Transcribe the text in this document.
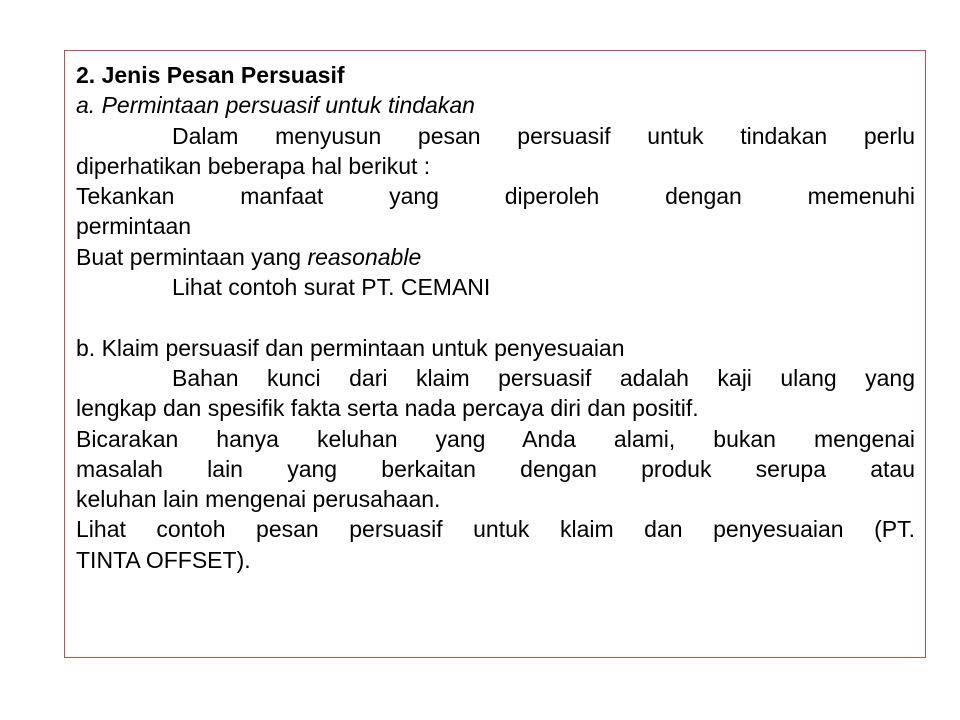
2. Jenis Pesan Persuasif
a. Permintaan persuasif untuk tindakan
Dalam menyusun pesan persuasif untuk tindakan perlu
diperhatikan beberapa hal berikut :
Tekankan manfaat yang diperoleh dengan memenuhi
permintaan
Buat permintaan yang reasonable
Lihat contoh surat PT. CEMANI
b. Klaim persuasif dan permintaan untuk penyesuaian
Bahan kunci dari klaim persuasif adalah kaji ulang yang
lengkap dan spesifik fakta serta nada percaya diri dan positif.
Bicarakan hanya keluhan yang Anda alami, bukan mengenai
masalah lain yang berkaitan dengan produk serupa atau
keluhan lain mengenai perusahaan.
Lihat contoh pesan persuasif untuk klaim dan penyesuaian (PT.
TINTA OFFSET).
